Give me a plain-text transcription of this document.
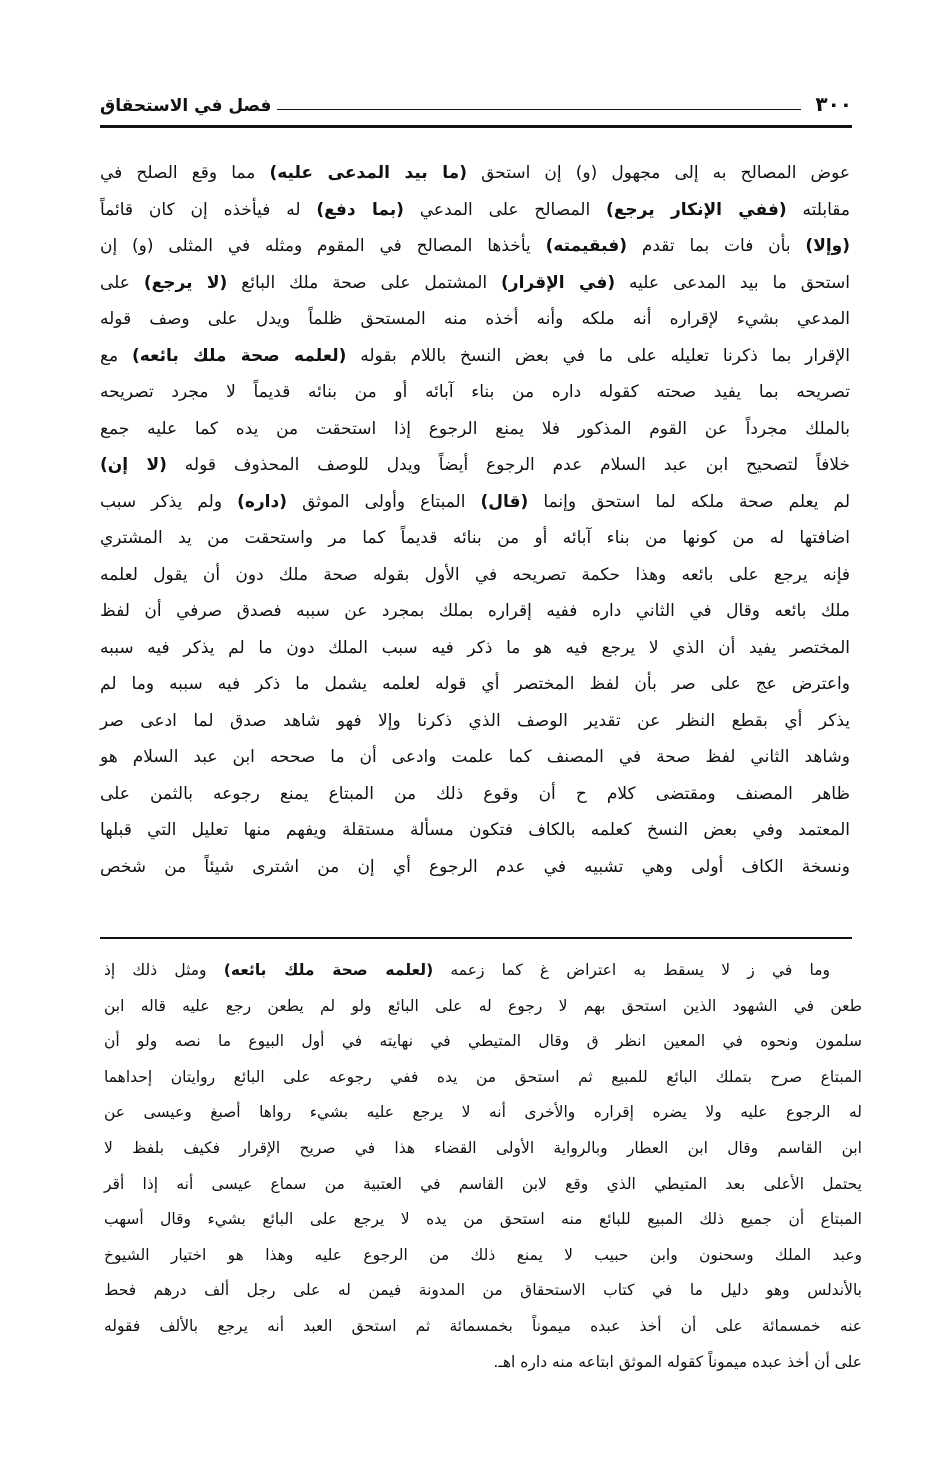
٣٠٠
فصل في الاستحقاق
عوض المصالح به إلى مجهول (و) إن استحق (ما بيد المدعى عليه) مما وقع الصلح في
مقابلته (ففي الإنكار يرجع) المصالح على المدعي (بما دفع) له فيأخذه إن كان قائماً
(وإلا) بأن فات بما تقدم (فبقيمته) يأخذها المصالح في المقوم ومثله في المثلى (و) إن
استحق ما بيد المدعى عليه (في الإقرار) المشتمل على صحة ملك البائع (لا يرجع) على
المدعي بشيء لإقراره أنه ملكه وأنه أخذه منه المستحق ظلماً ويدل على وصف قوله
الإقرار بما ذكرنا تعليله على ما في بعض النسخ باللام بقوله (لعلمه صحة ملك بائعه) مع
تصريحه بما يفيد صحته كقوله داره من بناء آبائه أو من بنائه قديماً لا مجرد تصريحه
بالملك مجرداً عن القوم المذكور فلا يمنع الرجوع إذا استحقت من يده كما عليه جمع
خلافاً لتصحيح ابن عبد السلام عدم الرجوع أيضاً ويدل للوصف المحذوف قوله (لا إن)
لم يعلم صحة ملكه لما استحق وإنما (قال) المبتاع وأولى الموثق (داره) ولم يذكر سبب
اضافتها له من كونها من بناء آبائه أو من بنائه قديماً كما مر واستحقت من يد المشتري
فإنه يرجع على بائعه وهذا حكمة تصريحه في الأول بقوله صحة ملك دون أن يقول لعلمه
ملك بائعه وقال في الثاني داره ففيه إقراره بملك بمجرد عن سببه فصدق صرفي أن لفظ
المختصر يفيد أن الذي لا يرجع فيه هو ما ذكر فيه سبب الملك دون ما لم يذكر فيه سببه
واعترض عج على صر بأن لفظ المختصر أي قوله لعلمه يشمل ما ذكر فيه سببه وما لم
يذكر أي بقطع النظر عن تقدير الوصف الذي ذكرنا وإلا فهو شاهد صدق لما ادعى صر
وشاهد الثاني لفظ صحة في المصنف كما علمت وادعى أن ما صححه ابن عبد السلام هو
ظاهر المصنف ومقتضى كلام ح أن وقوع ذلك من المبتاع يمنع رجوعه بالثمن على
المعتمد وفي بعض النسخ كعلمه بالكاف فتكون مسألة مستقلة ويفهم منها تعليل التي قبلها
ونسخة الكاف أولى وهي تشبيه في عدم الرجوع أي إن من اشترى شيئاً من شخص
وما في ز لا يسقط به اعتراض غ كما زعمه (لعلمه صحة ملك بائعه) ومثل ذلك إذ
طعن في الشهود الذين استحق بهم لا رجوع له على البائع ولو لم يطعن رجع عليه قاله ابن
سلمون ونحوه في المعين انظر ق وقال المتيطي في نهايته في أول البيوع ما نصه ولو أن
المبتاع صرح بتملك البائع للمبيع ثم استحق من يده ففي رجوعه على البائع روايتان إحداهما
له الرجوع عليه ولا يضره إقراره والأخرى أنه لا يرجع عليه بشيء رواها أصبغ وعيسى عن
ابن القاسم وقال ابن العطار وبالرواية الأولى القضاء هذا في صريح الإقرار فكيف بلفظ لا
يحتمل الأعلى بعد المتيطي الذي وقع لابن القاسم في العتبية من سماع عيسى أنه إذا أقر
المبتاع أن جميع ذلك المبيع للبائع منه استحق من يده لا يرجع على البائع بشيء وقال أسهب
وعبد الملك وسحنون وابن حبيب لا يمنع ذلك من الرجوع عليه وهذا هو اختيار الشيوخ
بالأندلس وهو دليل ما في كتاب الاستحقاق من المدونة فيمن له على رجل ألف درهم فحط
عنه خمسمائة على أن أخذ عبده ميموناً بخمسمائة ثم استحق العبد أنه يرجع بالألف فقوله
على أن أخذ عبده ميموناً كقوله الموثق ابتاعه منه داره اهـ.
